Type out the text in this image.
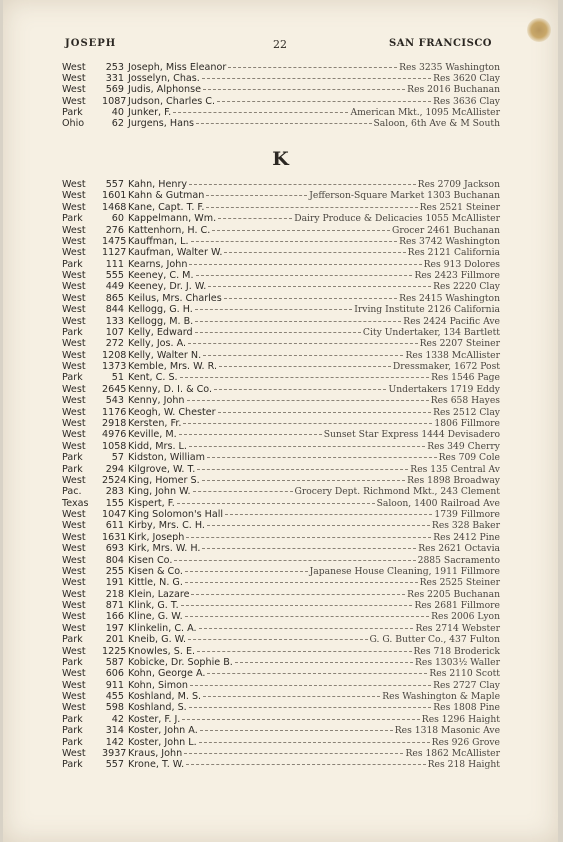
JOSEPH	22	SAN FRANCISCO
West	253 Joseph, Miss Eleanor	Res 3235 Washington
West	331 Josselyn, Chas.	Res 3620 Clay
West	569 Judis, Alphonse	Res 2016 Buchanan
West	1087 Judson, Charles C.	Res 3636 Clay
Park	40 Junker, F.	American Mkt., 1095 McAllister
Ohio	62 Jurgens, Hans	Saloon, 6th Ave & M South
K
West	557 Kahn, Henry	Res 2709 Jackson
West	1601 Kahn & Gutman	Jefferson-Square Market 1303 Buchanan
West	1468 Kane, Capt. T. F.	Res 2521 Steiner
Park	60 Kappelmann, Wm.	Dairy Produce & Delicacies 1055 McAllister
West	276 Kattenhorn, H. C.	Grocer 2461 Buchanan
West	1475 Kauffman, L.	Res 3742 Washington
West	1127 Kaufman, Walter W.	Res 2121 California
Park	111 Kearns, John	Res 913 Dolores
West	555 Keeney, C. M.	Res 2423 Fillmore
West	449 Keeney, Dr. J. W.	Res 2220 Clay
West	865 Keilus, Mrs. Charles	Res 2415 Washington
West	844 Kellogg, G. H.	Irving Institute 2126 California
West	133 Kellogg, M. B.	Res 2424 Pacific Ave
Park	107 Kelly, Edward	City Undertaker, 134 Bartlett
West	272 Kelly, Jos. A.	Res 2207 Steiner
West	1208 Kelly, Walter N.	Res 1338 McAllister
West	1373 Kemble, Mrs. W. R.	Dressmaker, 1672 Post
Park	51 Kent, C. S.	Res 1546 Page
West	2645 Kenny, D. I. & Co.	Undertakers 1719 Eddy
West	543 Kenny, John	Res 658 Hayes
West	1176 Keogh, W. Chester	Res 2512 Clay
West	2918 Kersten, Fr.	1806 Fillmore
West	4976 Keville, M.	Sunset Star Express 1444 Devisadero
West	1058 Kidd, Mrs. L.	Res 349 Cherry
Park	57 Kidston, William	Res 709 Cole
Park	294 Kilgrove, W. T.	Res 135 Central Av
West	2524 King, Homer S.	Res 1898 Broadway
Pac.	283 King, John W.	Grocery Dept. Richmond Mkt., 243 Clement
Texas	155 Kispert, F.	Saloon, 1400 Railroad Ave
West	1047 King Solomon's Hall	1739 Fillmore
West	611 Kirby, Mrs. C. H.	Res 328 Baker
West	1631 Kirk, Joseph	Res 2412 Pine
West	693 Kirk, Mrs. W. H.	Res 2621 Octavia
West	804 Kisen Co.	2885 Sacramento
West	255 Kisen & Co.	Japanese House Cleaning, 1911 Fillmore
West	191 Kittle, N. G.	Res 2525 Steiner
West	218 Klein, Lazare	Res 2205 Buchanan
West	871 Klink, G. T.	Res 2681 Fillmore
West	166 Kline, G. W.	Res 2006 Lyon
West	197 Klinkelin, C. A.	Res 2714 Webster
Park	201 Kneib, G. W.	G. G. Butter Co., 437 Fulton
West	1225 Knowles, S. E.	Res 718 Broderick
Park	587 Kobicke, Dr. Sophie B.	Res 1303½ Waller
West	606 Kohn, George A.	Res 2110 Scott
West	911 Kohn, Simon	Res 2727 Clay
West	455 Koshland, M. S.	Res Washington & Maple
West	598 Koshland, S.	Res 1808 Pine
Park	42 Koster, F. J.	Res 1296 Haight
Park	314 Koster, John A.	Res 1318 Masonic Ave
Park	142 Koster, John L.	Res 926 Grove
West	3937 Kraus, John	Res 1862 McAllister
Park	557 Krone, T. W.	Res 218 Haight
